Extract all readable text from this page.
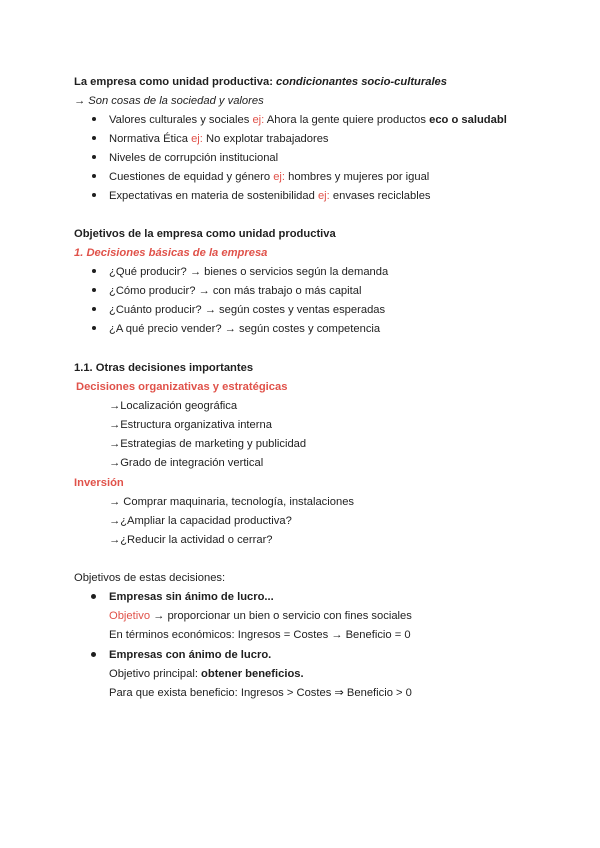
La empresa como unidad productiva: condicionantes socio-culturales
→ Son cosas de la sociedad y valores
Valores culturales y sociales ej: Ahora la gente quiere productos eco o saludabl
Normativa Ética ej: No explotar trabajadores
Niveles de corrupción institucional
Cuestiones de equidad y género ej: hombres y mujeres por igual
Expectativas en materia de sostenibilidad ej: envases reciclables
Objetivos de la empresa como unidad productiva
1. Decisiones básicas de la empresa
¿Qué producir? → bienes o servicios según la demanda
¿Cómo producir? → con más trabajo o más capital
¿Cuánto producir? → según costes y ventas esperadas
¿A qué precio vender? → según costes y competencia
1.1. Otras decisiones importantes
Decisiones organizativas y estratégicas
→Localización geográfica
→Estructura organizativa interna
→Estrategias de marketing y publicidad
→Grado de integración vertical
Inversión
→ Comprar maquinaria, tecnología, instalaciones
→¿Ampliar la capacidad productiva?
→¿Reducir la actividad o cerrar?
Objetivos de estas decisiones:
Empresas sin ánimo de lucro...
Objetivo → proporcionar un bien o servicio con fines sociales
En términos económicos: Ingresos = Costes → Beneficio = 0
Empresas con ánimo de lucro.
Objetivo principal: obtener beneficios.
Para que exista beneficio: Ingresos > Costes ⇒ Beneficio > 0
